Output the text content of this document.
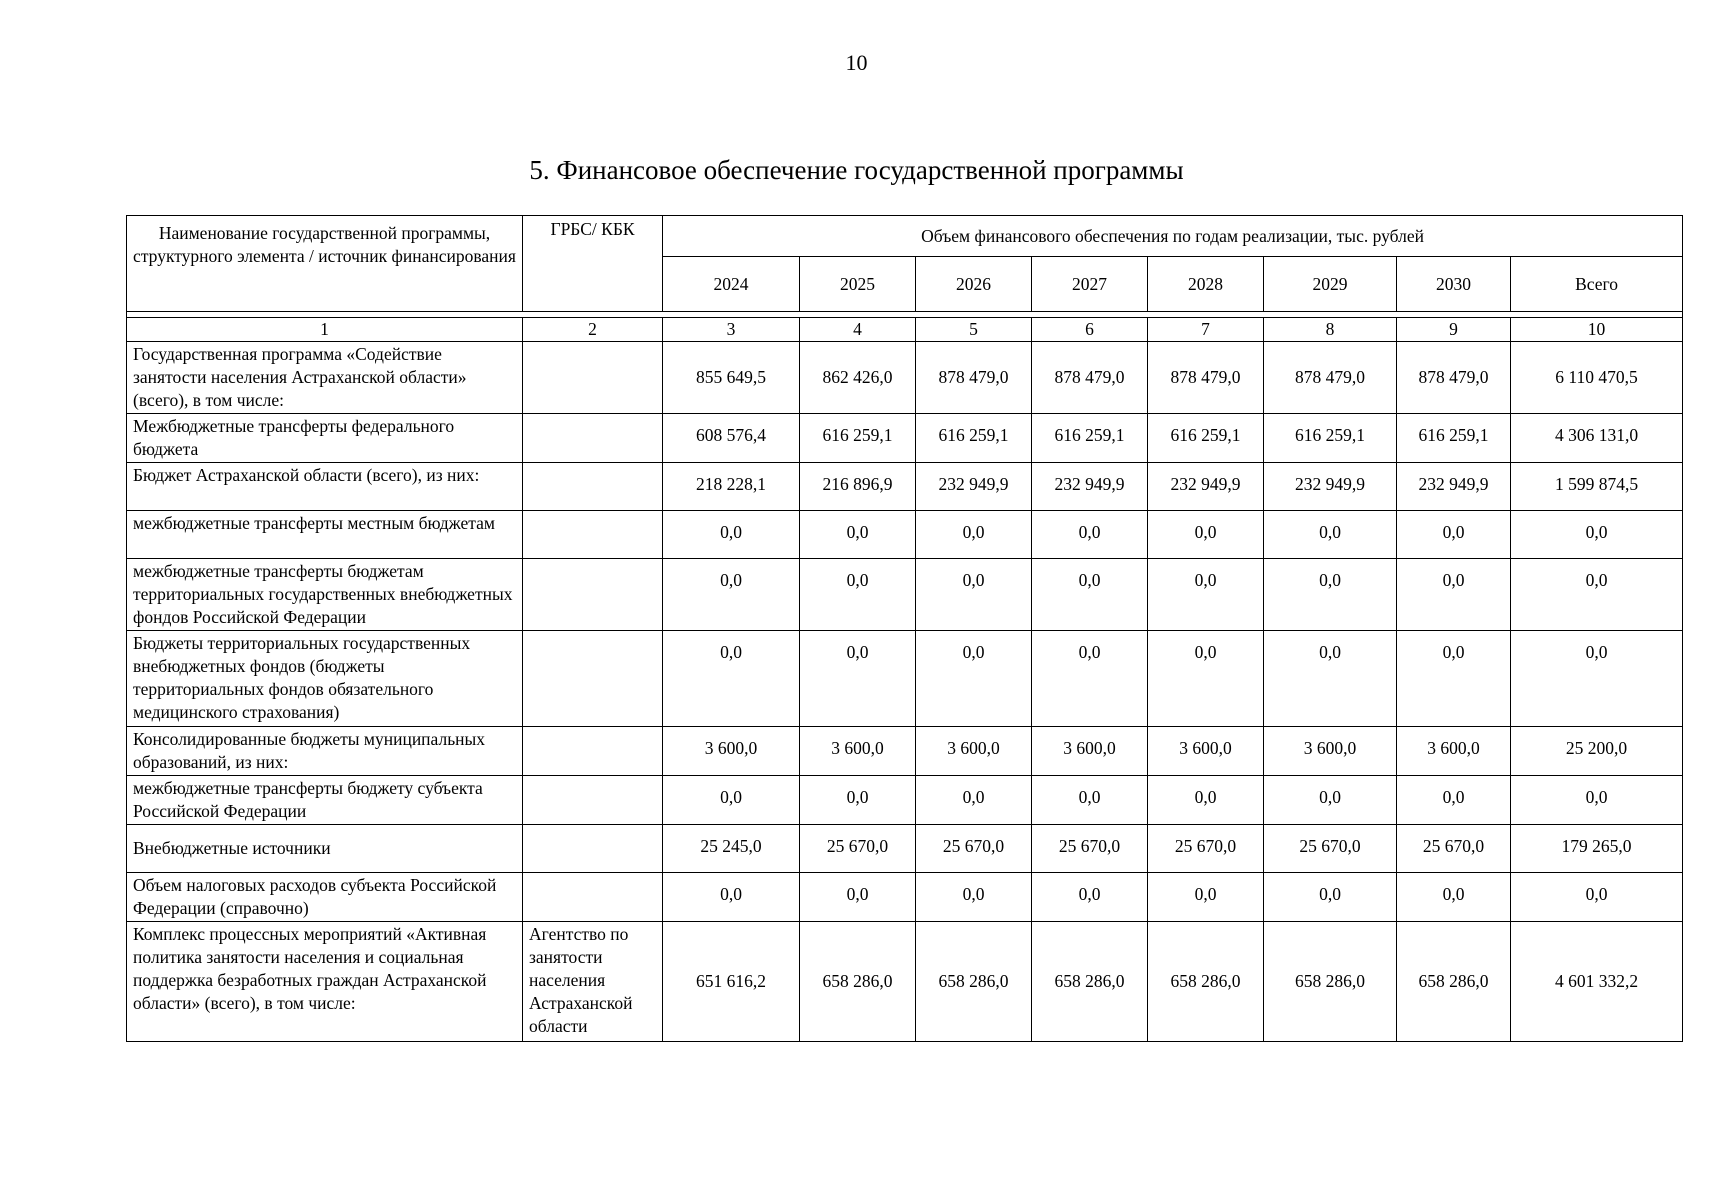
10
5. Финансовое обеспечение государственной программы
Наименование государственной программы, структурного элемента / источник финансирования	ГРБС/ КБК	Объем финансового обеспечения по годам реализации, тыс. рублей							
		2024	2025	2026	2027	2028	2029	2030	Всего

1	2	3	4	5	6	7	8	9	10
Государственная программа «Содействие занятости населения Астраханской области» (всего), в том числе:		855 649,5	862 426,0	878 479,0	878 479,0	878 479,0	878 479,0	878 479,0	6 110 470,5
Межбюджетные трансферты федерального бюджета		608 576,4	616 259,1	616 259,1	616 259,1	616 259,1	616 259,1	616 259,1	4 306 131,0
Бюджет Астраханской области (всего), из них:		218 228,1	216 896,9	232 949,9	232 949,9	232 949,9	232 949,9	232 949,9	1 599 874,5
межбюджетные трансферты местным бюджетам		0,0	0,0	0,0	0,0	0,0	0,0	0,0	0,0
межбюджетные трансферты бюджетам территориальных государственных внебюджетных фондов Российской Федерации		0,0	0,0	0,0	0,0	0,0	0,0	0,0	0,0
Бюджеты территориальных государственных внебюджетных фондов (бюджеты территориальных фондов обязательного медицинского страхования)		0,0	0,0	0,0	0,0	0,0	0,0	0,0	0,0
Консолидированные бюджеты муниципальных образований, из них:		3 600,0	3 600,0	3 600,0	3 600,0	3 600,0	3 600,0	3 600,0	25 200,0
межбюджетные трансферты бюджету субъекта Российской Федерации		0,0	0,0	0,0	0,0	0,0	0,0	0,0	0,0
Внебюджетные источники		25 245,0	25 670,0	25 670,0	25 670,0	25 670,0	25 670,0	25 670,0	179 265,0
Объем налоговых расходов субъекта Российской Федерации (справочно)		0,0	0,0	0,0	0,0	0,0	0,0	0,0	0,0
Комплекс процессных мероприятий «Активная политика занятости населения и социальная поддержка безработных граждан Астраханской области» (всего), в том числе:	Агентство по занятости населения Астраханской области	651 616,2	658 286,0	658 286,0	658 286,0	658 286,0	658 286,0	658 286,0	4 601 332,2
